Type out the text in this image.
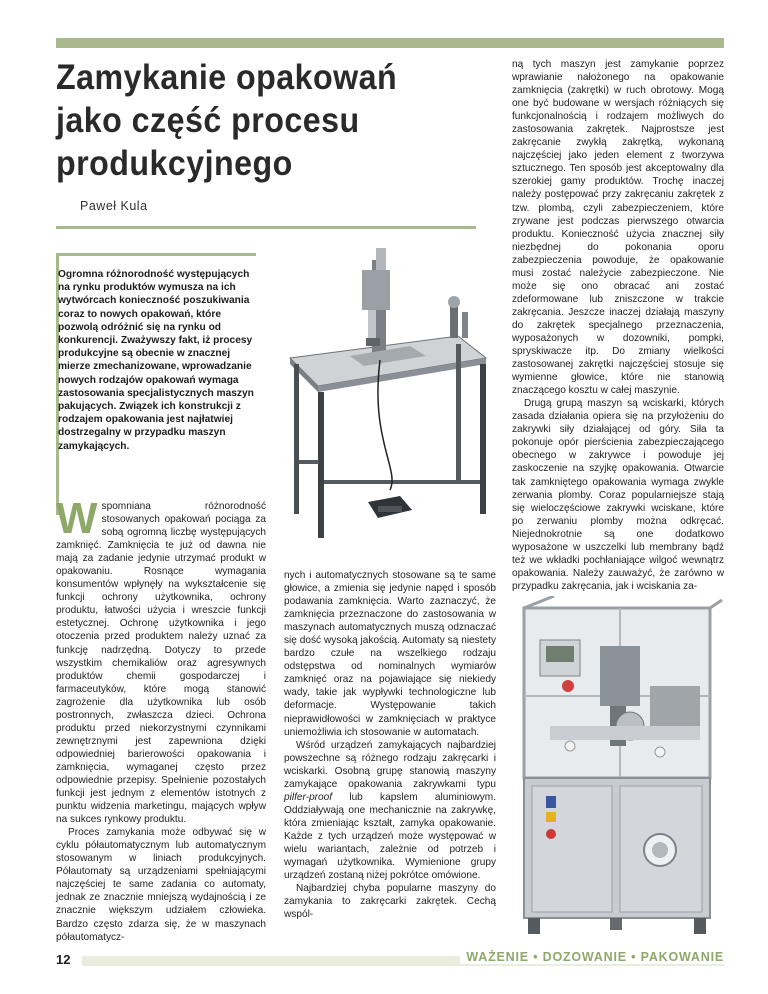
Zamykanie opakowań jako część procesu produkcyjnego
Paweł Kula
Ogromna różnorodność występujących na rynku produktów wymusza na ich wytwórcach konieczność poszukiwania coraz to nowych opakowań, które pozwolą odróżnić się na rynku od konkurencji. Zważywszy fakt, iż procesy produkcyjne są obecnie w znacznej mierze zmechanizowane, wprowadzanie nowych rodzajów opakowań wymaga zastosowania specjalistycznych maszyn pakujących. Związek ich konstrukcji z rodzajem opakowania jest najłatwiej dostrzegalny w przypadku maszyn zamykających.
W spomniana różnorodność stosowanych opakowań pociąga za sobą ogromną liczbę występujących zamknięć. Zamknięcia te już od dawna nie mają za zadanie jedynie utrzymać produkt w opakowaniu. Rosnące wymagania konsumentów wpłynęły na wykształcenie się funkcji ochrony użytkownika, ochrony produktu, łatwości użycia i wreszcie funkcji estetycznej. Ochronę użytkownika i jego otoczenia przed produktem należy uznać za funkcję nadrzędną. Dotyczy to przede wszystkim chemikaliów oraz agresywnych produktów chemii gospodarczej i farmaceutyków, które mogą stanowić zagrożenie dla użytkownika lub osób postronnych, zwłaszcza dzieci. Ochrona produktu przed niekorzystnymi czynnikami zewnętrznymi jest zapewniona dzięki odpowiedniej barierowości opakowania i zamknięcia, wymaganej często przez odpowiednie przepisy. Spełnienie pozostałych funkcji jest jednym z elementów istotnych z punktu widzenia marketingu, mających wpływ na sukces rynkowy produktu.

Proces zamykania może odbywać się w cyklu półautomatycznym lub automatycznym stosowanym w liniach produkcyjnych. Półautomaty są urządzeniami spełniającymi najczęściej te same zadania co automaty, jednak ze znacznie mniejszą wydajnością i ze znacznie większym udziałem człowieka. Bardzo często zdarza się, że w maszynach półautomatycz-

nych i automatycznych stosowane są te same głowice, a zmienia się jedynie napęd i sposób podawania zamknięcia. Warto zaznaczyć, że zamknięcia przeznaczone do zastosowania w maszynach automatycznych muszą odznaczać się dość wysoką jakością. Automaty są niestety bardzo czułe na wszelkiego rodzaju odstępstwa od nominalnych wymiarów zamknięć oraz na pojawiające się niekiedy wady, takie jak wypływki technologiczne lub deformacje. Występowanie takich nieprawidłowości w zamknięciach w praktyce uniemożliwia ich stosowanie w automatach.

Wśród urządzeń zamykających najbardziej powszechne są różnego rodzaju zakręcarki i wciskarki. Osobną grupę stanowią maszyny zamykające opakowania zakrywkami typu pilfer-proof lub kapslem aluminiowym. Oddziaływają one mechanicznie na zakrywkę, która zmieniając kształt, zamyka opakowanie. Każde z tych urządzeń może występować w wielu wariantach, zależnie od potrzeb i wymagań użytkownika. Wymienione grupy urządzeń zostaną niżej pokrótce omówione.

Najbardziej chyba popularne maszyny do zamykania to zakręcarki zakrętek. Cechą wspól-

ną tych maszyn jest zamykanie poprzez wprawianie nałożonego na opakowanie zamknięcia (zakrętki) w ruch obrotowy. Mogą one być budowane w wersjach różniących się funkcjonalnością i rodzajem możliwych do zastosowania zakrętek. Najprostsze jest zakręcanie zwykłą zakrętką, wykonaną najczęściej jako jeden element z tworzywa sztucznego. Ten sposób jest akceptowalny dla szerokiej gamy produktów. Trochę inaczej należy postępować przy zakręcaniu zakrętek z tzw. plombą, czyli zabezpieczeniem, które zrywane jest podczas pierwszego otwarcia produktu. Konieczność użycia znacznej siły niezbędnej do pokonania oporu zabezpieczenia powoduje, że opakowanie musi zostać należycie zabezpieczone. Nie może się ono obracać ani zostać zdeformowane lub zniszczone w trakcie zakręcania. Jeszcze inaczej działają maszyny do zakrętek specjalnego przeznaczenia, wyposażonych w dozowniki, pompki, spryskiwacze itp. Do zmiany wielkości zastosowanej zakrętki najczęściej stosuje się wymienne głowice, które nie stanowią znaczącego kosztu w całej maszynie.

Drugą grupą maszyn są wciskarki, których zasada działania opiera się na przyłożeniu do zakrywki siły działającej od góry. Siła ta pokonuje opór pierścienia zabezpieczającego obecnego w zakrywce i powoduje jej zaskoczenie na szyjkę opakowania. Otwarcie tak zamkniętego opakowania wymaga zwykle zerwania plomby. Coraz popularniejsze stają się wieloczęściowe zakrywki wciskane, które po zerwaniu plomby można odkręcać. Niejednokrotnie są one dodatkowo wyposażone w uszczelki lub membrany bądź też we wkładki pochłaniające wilgoć wewnątrz opakowania. Należy zauważyć, że zarówno w przypadku zakręcania, jak i wciskania za-

12	WAŻENIE • DOZOWANIE • PAKOWANIE
